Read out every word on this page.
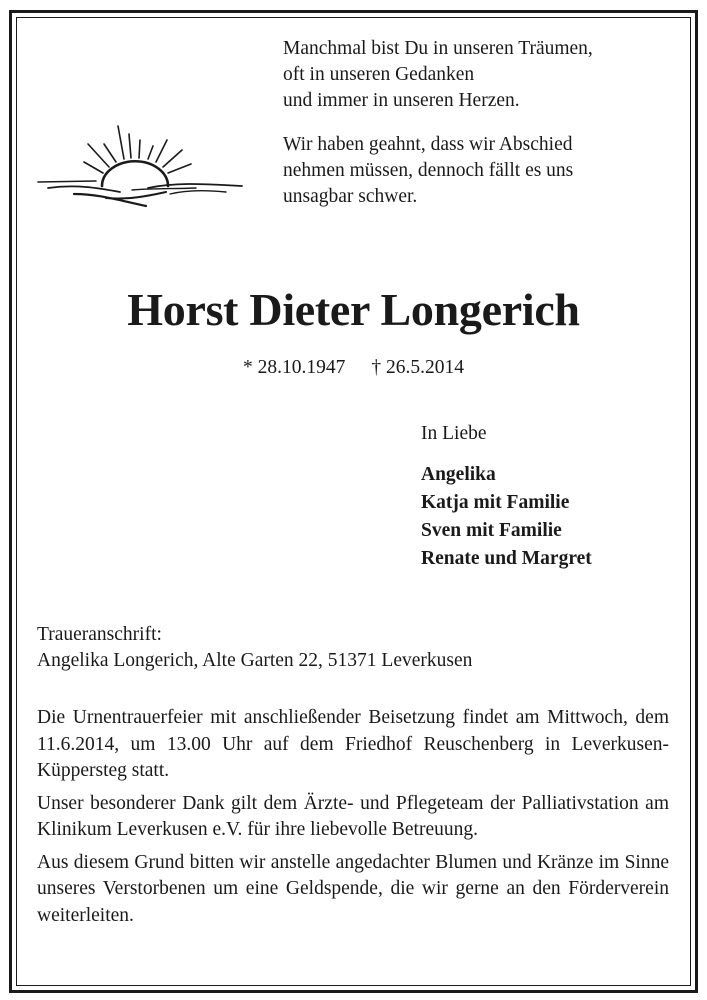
Manchmal bist Du in unseren Träumen,
oft in unseren Gedanken
und immer in unseren Herzen.
Wir haben geahnt, dass wir Abschied
nehmen müssen, dennoch fällt es uns
unsagbar schwer.
Horst Dieter Longerich
* 28.10.1947 † 26.5.2014
In Liebe
Angelika
Katja mit Familie
Sven mit Familie
Renate und Margret
Traueranschrift:
Angelika Longerich, Alte Garten 22, 51371 Leverkusen

Die Urnentrauerfeier mit anschließender Beisetzung findet am Mittwoch, dem 11.6.2014, um 13.00 Uhr auf dem Friedhof Reuschenberg in Leverkusen-Küppersteg statt.

Unser besonderer Dank gilt dem Ärzte- und Pflegeteam der Palliativstation am Klinikum Leverkusen e.V. für ihre liebevolle Betreuung.

Aus diesem Grund bitten wir anstelle angedachter Blumen und Kränze im Sinne unseres Verstorbenen um eine Geldspende, die wir gerne an den Förderverein weiterleiten.
